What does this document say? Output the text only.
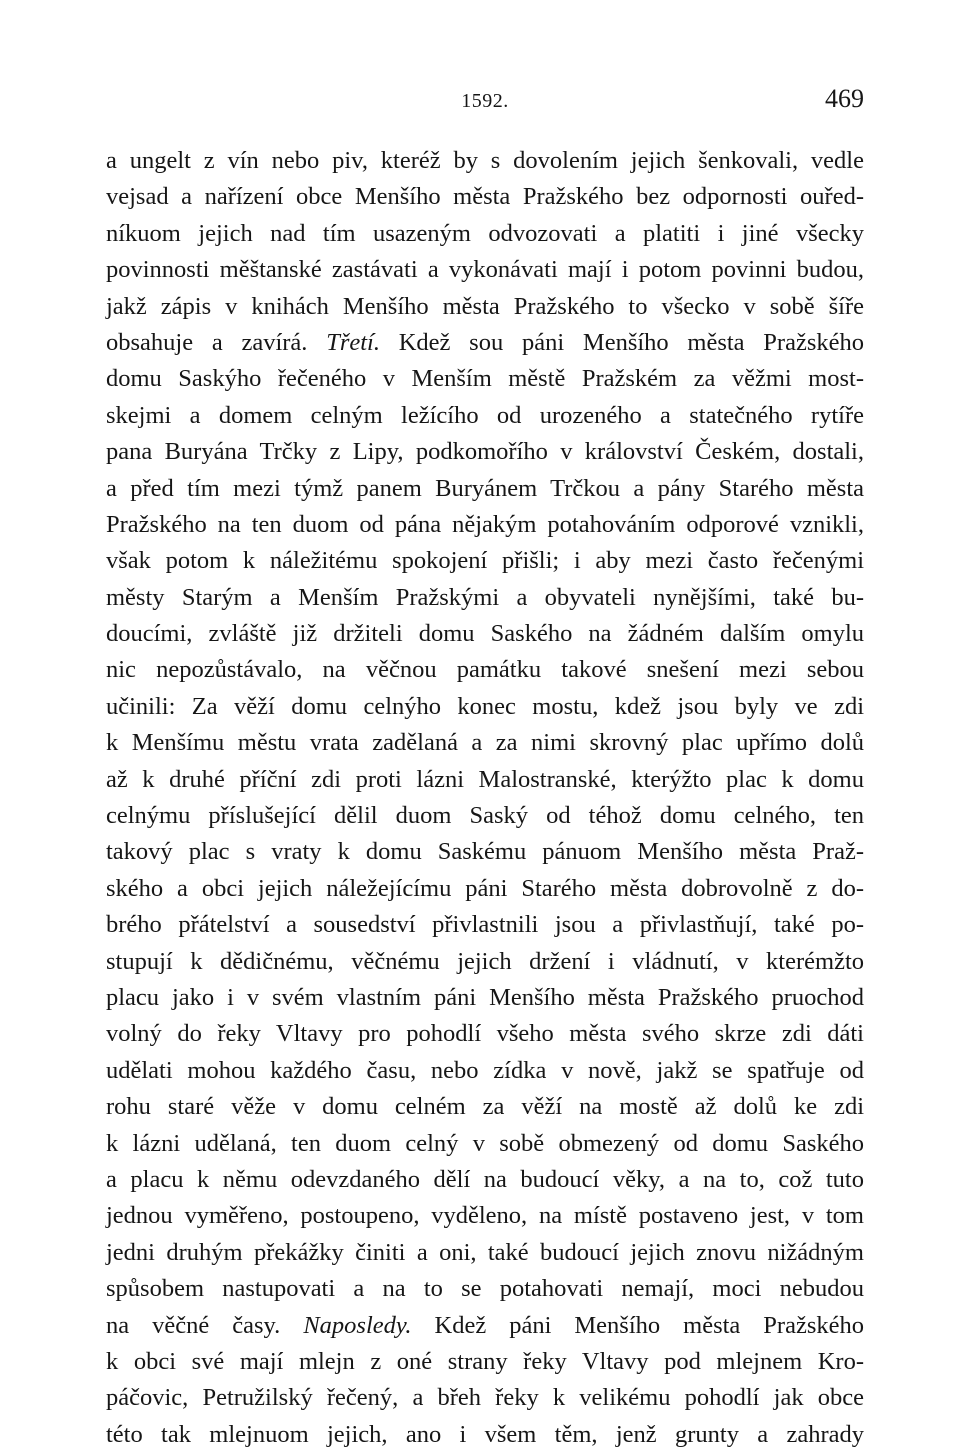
1592.	469
a ungelt z vín nebo piv, kteréž by s dovolením jejich šenkovali, vedle
vejsad a nařízení obce Menšího města Pražského bez odpornosti ouřed-
níkuom jejich nad tím usazeným odvozovati a platiti i jiné všecky
povinnosti měštanské zastávati a vykonávati mají i potom povinni budou,
jakž zápis v knihách Menšího města Pražského to všecko v sobě šíře
obsahuje a zavírá. Třetí. Kdež sou páni Menšího města Pražského
domu Saskýho řečeného v Menším městě Pražském za věžmi most-
skejmi a domem celným ležícího od urozeného a statečného rytíře
pana Buryána Trčky z Lipy, podkomořího v království Českém, dostali,
a před tím mezi týmž panem Buryánem Trčkou a pány Starého města
Pražského na ten duom od pána nějakým potahováním odporové vznikli,
však potom k náležitému spokojení přišli; i aby mezi často řečenými
městy Starým a Menším Pražskými a obyvateli nynějšími, také bu-
doucími, zvláště již držiteli domu Saského na žádném dalším omylu
nic nepozůstávalo, na věčnou památku takové snešení mezi sebou
učinili: Za věží domu celnýho konec mostu, kdež jsou byly ve zdi
k Menšímu městu vrata zadělaná a za nimi skrovný plac upřímo dolů
až k druhé příční zdi proti lázni Malostranské, kterýžto plac k domu
celnýmu příslušející dělil duom Saský od téhož domu celného, ten
takový plac s vraty k domu Saskému pánuom Menšího města Praž-
ského a obci jejich náležejícímu páni Starého města dobrovolně z do-
brého přátelství a sousedství přivlastnili jsou a přivlastňují, také po-
stupují k dědičnému, věčnému jejich držení i vládnutí, v kterémžto
placu jako i v svém vlastním páni Menšího města Pražského pruochod
volný do řeky Vltavy pro pohodlí všeho města svého skrze zdi dáti
udělati mohou každého času, nebo zídka v nově, jakž se spatřuje od
rohu staré věže v domu celném za věží na mostě až dolů ke zdi
k lázni udělaná, ten duom celný v sobě obmezený od domu Saského
a placu k němu odevzdaného dělí na budoucí věky, a na to, což tuto
jednou vyměřeno, postoupeno, vyděleno, na místě postaveno jest, v tom
jedni druhým překážky činiti a oni, také budoucí jejich znovu nižádným
spůsobem nastupovati a na to se potahovati nemají, moci nebudou
na věčné časy. Naposledy. Kdež páni Menšího města Pražského
k obci své mají mlejn z oné strany řeky Vltavy pod mlejnem Kro-
páčovic, Petružilský řečený, a břeh řeky k velikému pohodlí jak obce
této tak mlejnuom jejich, ano i všem těm, jenž grunty a zahrady
